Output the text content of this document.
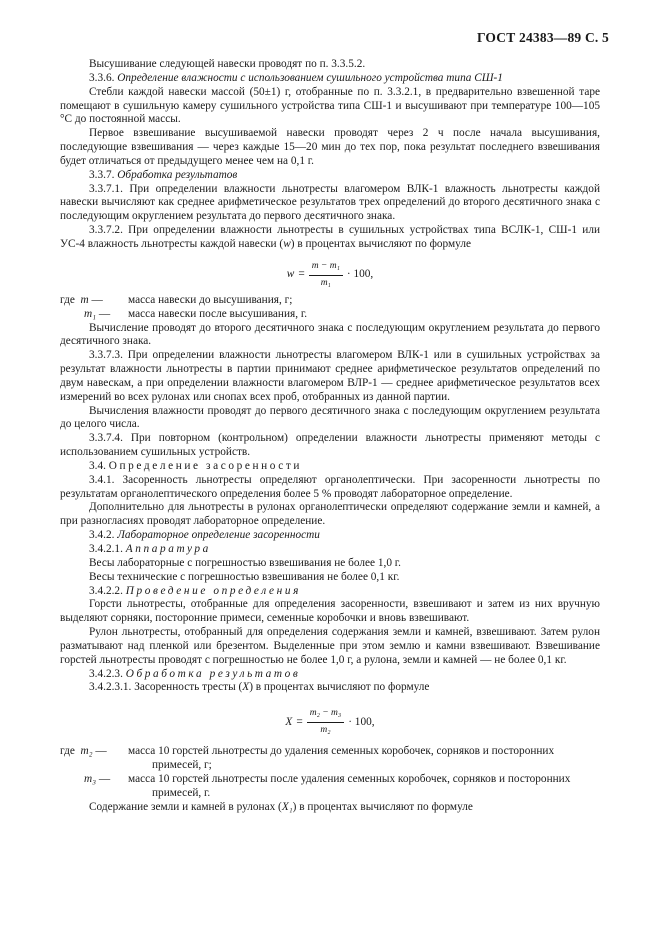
ГОСТ 24383—89 С. 5

Высушивание следующей навески проводят по п. 3.3.5.2.

3.3.6. Определение влажности с использованием сушильного устройства типа СШ-1

Стебли каждой навески массой (50±1) г, отобранные по п. 3.3.2.1, в предварительно взвешенной таре помещают в сушильную камеру сушильного устройства типа СШ-1 и высушивают при температуре 100—105 °С до постоянной массы.

Первое взвешивание высушиваемой навески проводят через 2 ч после начала высушивания, последующие взвешивания — через каждые 15—20 мин до тех пор, пока результат последнего взвешивания будет отличаться от предыдущего менее чем на 0,1 г.

3.3.7. Обработка результатов

3.3.7.1. При определении влажности льнотресты влагомером ВЛК-1 влажность льнотресты каждой навески вычисляют как среднее арифметическое результатов трех определений до второго десятичного знака с последующим округлением результата до первого десятичного знака.

3.3.7.2. При определении влажности льнотресты в сушильных устройствах типа ВСЛК-1, СШ-1 или УС-4 влажность льнотресты каждой навески (w) в процентах вычисляют по формуле

$w = \frac{\text{m − m₁}}{\text{m₁}} \cdot 100$,
где m —	масса навески до высушивания, г;
m₁ —	масса навески после высушивания, г.

Вычисление проводят до второго десятичного знака с последующим округлением результата до первого десятичного знака.

3.3.7.3. При определении влажности льнотресты влагомером ВЛК-1 или в сушильных устройствах за результат влажности льнотресты в партии принимают среднее арифметическое результатов определений по двум навескам, а при определении влажности влагомером ВЛР-1 — среднее арифметическое результатов всех измерений во всех рулонах или снопах всех проб, отобранных из данной партии.

Вычисления влажности проводят до первого десятичного знака с последующим округлением результата до целого числа.

3.3.7.4. При повторном (контрольном) определении влажности льнотресты применяют методы с использованием сушильных устройств.

3.4. Определение засоренности

3.4.1. Засоренность льнотресты определяют органолептически. При засоренности льнотресты по результатам органолептического определения более 5 % проводят лабораторное определение.

Дополнительно для льнотресты в рулонах органолептически определяют содержание земли и камней, а при разногласиях проводят лабораторное определение.

3.4.2. Лабораторное определение засоренности

3.4.2.1. Аппаратура

Весы лабораторные с погрешностью взвешивания не более 1,0 г.

Весы технические с погрешностью взвешивания не более 0,1 кг.

3.4.2.2. Проведение определения

Горсти льнотресты, отобранные для определения засоренности, взвешивают и затем из них вручную выделяют сорняки, посторонние примеси, семенные коробочки и вновь взвешивают.

Рулон льнотресты, отобранный для определения содержания земли и камней, взвешивают. Затем рулон разматывают над пленкой или брезентом. Выделенные при этом землю и камни взвешивают. Взвешивание горстей льнотресты проводят с погрешностью не более 1,0 г, а рулона, земли и камней — не более 0,1 кг.

3.4.2.3. Обработка результатов

3.4.2.3.1. Засоренность тресты (X) в процентах вычисляют по формуле

$X = \frac{\text{m₂ − m₃}}{\text{m₂}} \cdot 100$,
где m₂ —	масса 10 горстей льнотресты до удаления семенных коробочек, сорняков и посторонних

примесей, г;

m₃ —	масса 10 горстей льнотресты после удаления семенных коробочек, сорняков и посторонних

примесей, г.

Содержание земли и камней в рулонах (X₁) в процентах вычисляют по формуле
